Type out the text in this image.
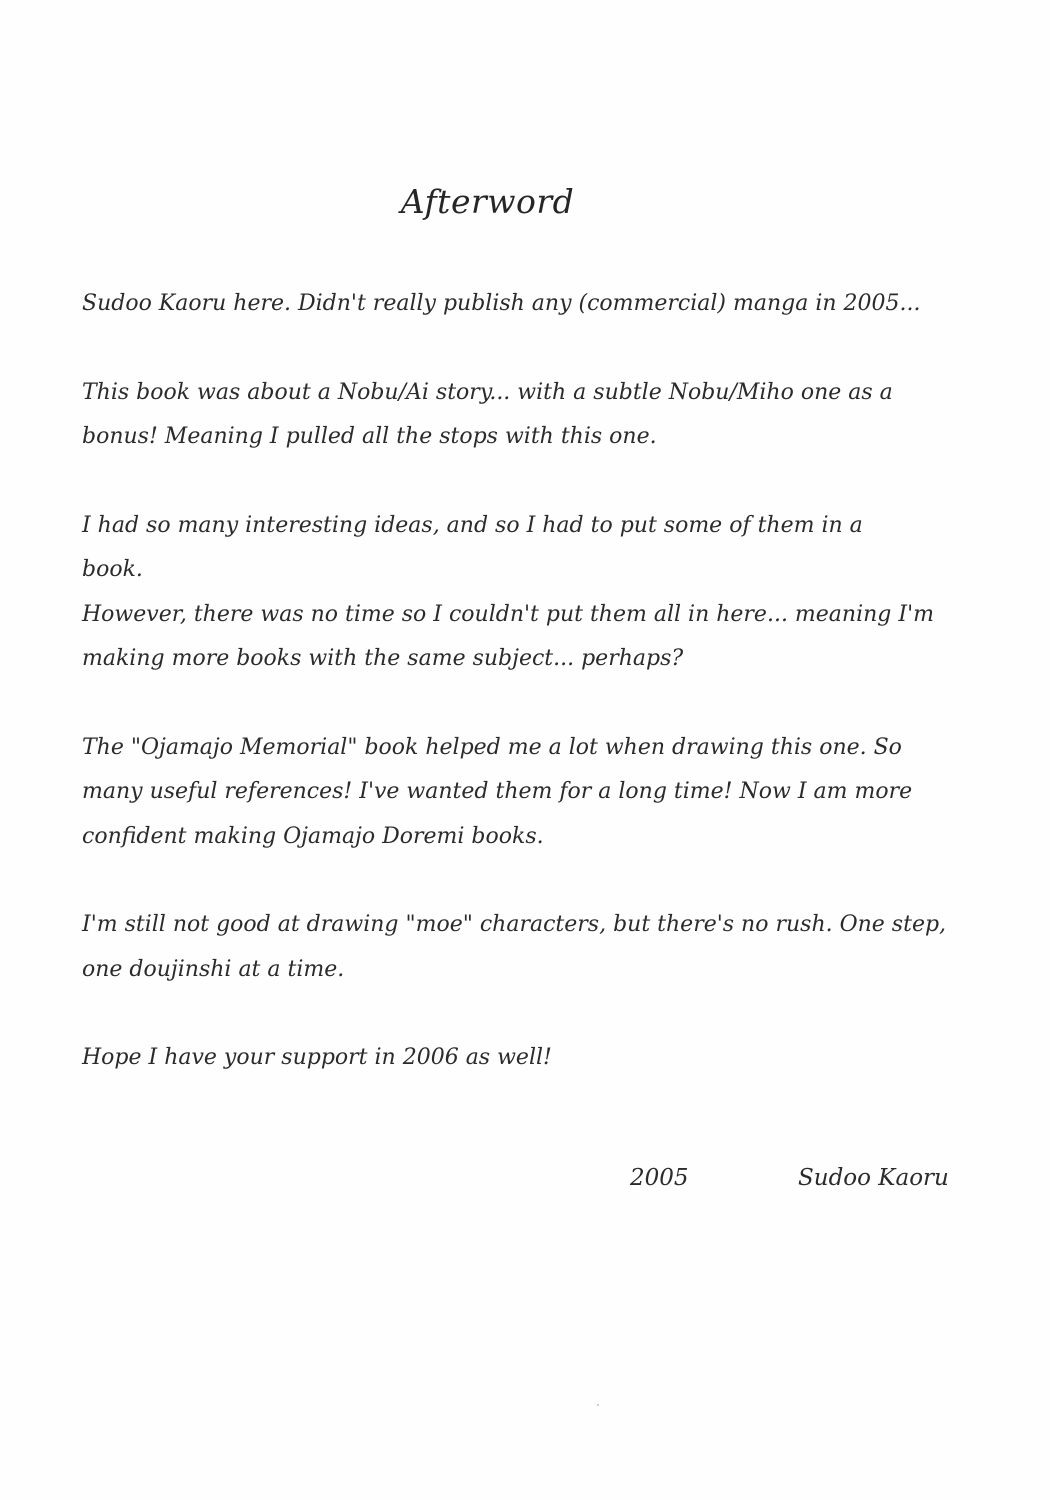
Afterword

Sudoo Kaoru here. Didn't really publish any (commercial) manga in 2005...

This book was about a Nobu/Ai story... with a subtle Nobu/Miho one as a
bonus! Meaning I pulled all the stops with this one.

I had so many interesting ideas, and so I had to put some of them in a
book.

However, there was no time so I couldn't put them all in here... meaning I'm
making more books with the same subject... perhaps?

The "Ojamajo Memorial" book helped me a lot when drawing this one. So
many useful references! I've wanted them for a long time! Now I am more
confident making Ojamajo Doremi books.

I'm still not good at drawing "moe" characters, but there's no rush. One step,
one doujinshi at a time.

Hope I have your support in 2006 as well!

2005	Sudoo Kaoru
